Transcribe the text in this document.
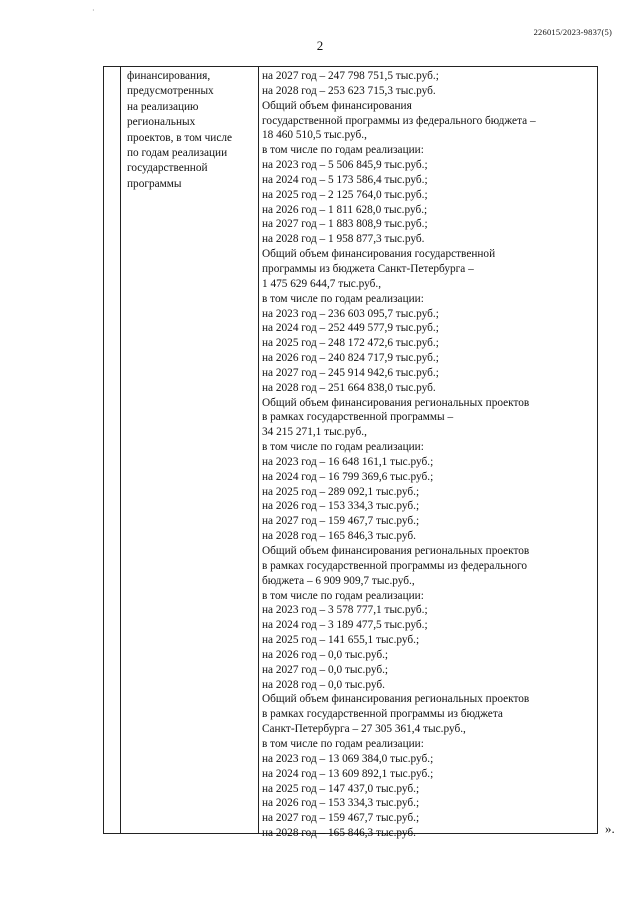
·
226015/2023-9837(5)
2
финансирования,
предусмотренных
на реализацию
региональных
проектов, в том числе
по годам реализации
государственной
программы
на 2027 год – 247 798 751,5 тыс.руб.;
на 2028 год – 253 623 715,3 тыс.руб.
Общий объем финансирования
государственной программы из федерального бюджета –
18 460 510,5 тыс.руб.,
в том числе по годам реализации:
на 2023 год – 5 506 845,9 тыс.руб.;
на 2024 год – 5 173 586,4 тыс.руб.;
на 2025 год – 2 125 764,0 тыс.руб.;
на 2026 год – 1 811 628,0 тыс.руб.;
на 2027 год – 1 883 808,9 тыс.руб.;
на 2028 год – 1 958 877,3 тыс.руб.
Общий объем финансирования государственной
программы из бюджета Санкт-Петербурга –
1 475 629 644,7 тыс.руб.,
в том числе по годам реализации:
на 2023 год – 236 603 095,7 тыс.руб.;
на 2024 год – 252 449 577,9 тыс.руб.;
на 2025 год – 248 172 472,6 тыс.руб.;
на 2026 год – 240 824 717,9 тыс.руб.;
на 2027 год – 245 914 942,6 тыс.руб.;
на 2028 год – 251 664 838,0 тыс.руб.
Общий объем финансирования региональных проектов
в рамках государственной программы –
34 215 271,1 тыс.руб.,
в том числе по годам реализации:
на 2023 год – 16 648 161,1 тыс.руб.;
на 2024 год – 16 799 369,6 тыс.руб.;
на 2025 год – 289 092,1 тыс.руб.;
на 2026 год – 153 334,3 тыс.руб.;
на 2027 год – 159 467,7 тыс.руб.;
на 2028 год – 165 846,3 тыс.руб.
Общий объем финансирования региональных проектов
в рамках государственной программы из федерального
бюджета – 6 909 909,7 тыс.руб.,
в том числе по годам реализации:
на 2023 год – 3 578 777,1 тыс.руб.;
на 2024 год – 3 189 477,5 тыс.руб.;
на 2025 год – 141 655,1 тыс.руб.;
на 2026 год – 0,0 тыс.руб.;
на 2027 год – 0,0 тыс.руб.;
на 2028 год – 0,0 тыс.руб.
Общий объем финансирования региональных проектов
в рамках государственной программы из бюджета
Санкт-Петербурга – 27 305 361,4 тыс.руб.,
в том числе по годам реализации:
на 2023 год – 13 069 384,0 тыс.руб.;
на 2024 год – 13 609 892,1 тыс.руб.;
на 2025 год – 147 437,0 тыс.руб.;
на 2026 год – 153 334,3 тыс.руб.;
на 2027 год – 159 467,7 тыс.руб.;
на 2028 год – 165 846,3 тыс.руб.	».
